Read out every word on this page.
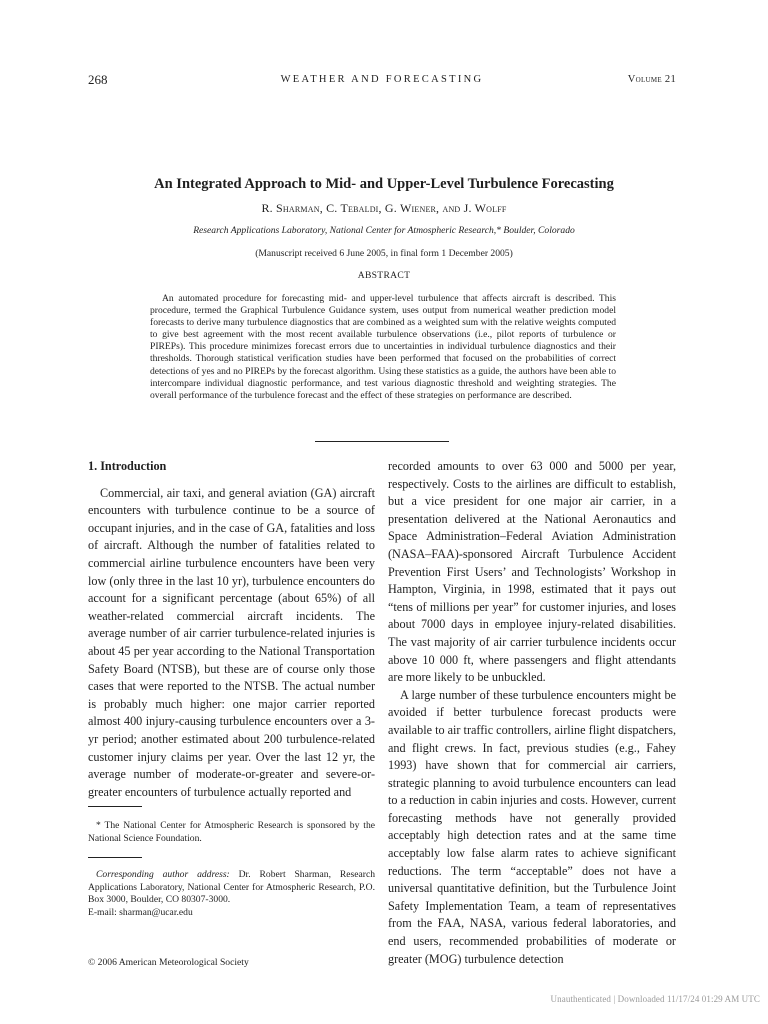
268	WEATHER AND FORECASTING	Volume 21
An Integrated Approach to Mid- and Upper-Level Turbulence Forecasting
R. Sharman, C. Tebaldi, G. Wiener, and J. Wolff
Research Applications Laboratory, National Center for Atmospheric Research,* Boulder, Colorado
(Manuscript received 6 June 2005, in final form 1 December 2005)
ABSTRACT
An automated procedure for forecasting mid- and upper-level turbulence that affects aircraft is described. This procedure, termed the Graphical Turbulence Guidance system, uses output from numerical weather prediction model forecasts to derive many turbulence diagnostics that are combined as a weighted sum with the relative weights computed to give best agreement with the most recent available turbulence observations (i.e., pilot reports of turbulence or PIREPs). This procedure minimizes forecast errors due to uncertainties in individual turbulence diagnostics and their thresholds. Thorough statistical verification studies have been performed that focused on the probabilities of correct detections of yes and no PIREPs by the forecast algorithm. Using these statistics as a guide, the authors have been able to intercompare individual diagnostic performance, and test various diagnostic threshold and weighting strategies. The overall performance of the turbulence forecast and the effect of these strategies on performance are described.
1. Introduction

Commercial, air taxi, and general aviation (GA) aircraft encounters with turbulence continue to be a source of occupant injuries, and in the case of GA, fatalities and loss of aircraft. Although the number of fatalities related to commercial airline turbulence encounters have been very low (only three in the last 10 yr), turbulence encounters do account for a significant percentage (about 65%) of all weather-related commercial aircraft incidents. The average number of air carrier turbulence-related injuries is about 45 per year according to the National Transportation Safety Board (NTSB), but these are of course only those cases that were reported to the NTSB. The actual number is probably much higher: one major carrier reported almost 400 injury-causing turbulence encounters over a 3-yr period; another estimated about 200 turbulence-related customer injury claims per year. Over the last 12 yr, the average number of moderate-or-greater and severe-or-greater encounters of turbulence actually reported and

recorded amounts to over 63 000 and 5000 per year, respectively. Costs to the airlines are difficult to establish, but a vice president for one major air carrier, in a presentation delivered at the National Aeronautics and Space Administration–Federal Aviation Administration (NASA–FAA)-sponsored Aircraft Turbulence Accident Prevention First Users’ and Technologists’ Workshop in Hampton, Virginia, in 1998, estimated that it pays out “tens of millions per year” for customer injuries, and loses about 7000 days in employee injury-related disabilities. The vast majority of air carrier turbulence incidents occur above 10 000 ft, where passengers and flight attendants are more likely to be unbuckled.

A large number of these turbulence encounters might be avoided if better turbulence forecast products were available to air traffic controllers, airline flight dispatchers, and flight crews. In fact, previous studies (e.g., Fahey 1993) have shown that for commercial air carriers, strategic planning to avoid turbulence encounters can lead to a reduction in cabin injuries and costs. However, current forecasting methods have not generally provided acceptably high detection rates and at the same time acceptably low false alarm rates to achieve significant reductions. The term “acceptable” does not have a universal quantitative definition, but the Turbulence Joint Safety Implementation Team, a team of representatives from the FAA, NASA, various federal laboratories, and end users, recommended probabilities of moderate or greater (MOG) turbulence detection

* The National Center for Atmospheric Research is sponsored by the National Science Foundation.
Corresponding author address: Dr. Robert Sharman, Research Applications Laboratory, National Center for Atmospheric Research, P.O. Box 3000, Boulder, CO 80307-3000.
E-mail: sharman@ucar.edu
© 2006 American Meteorological Society
Unauthenticated | Downloaded 11/17/24 01:29 AM UTC
